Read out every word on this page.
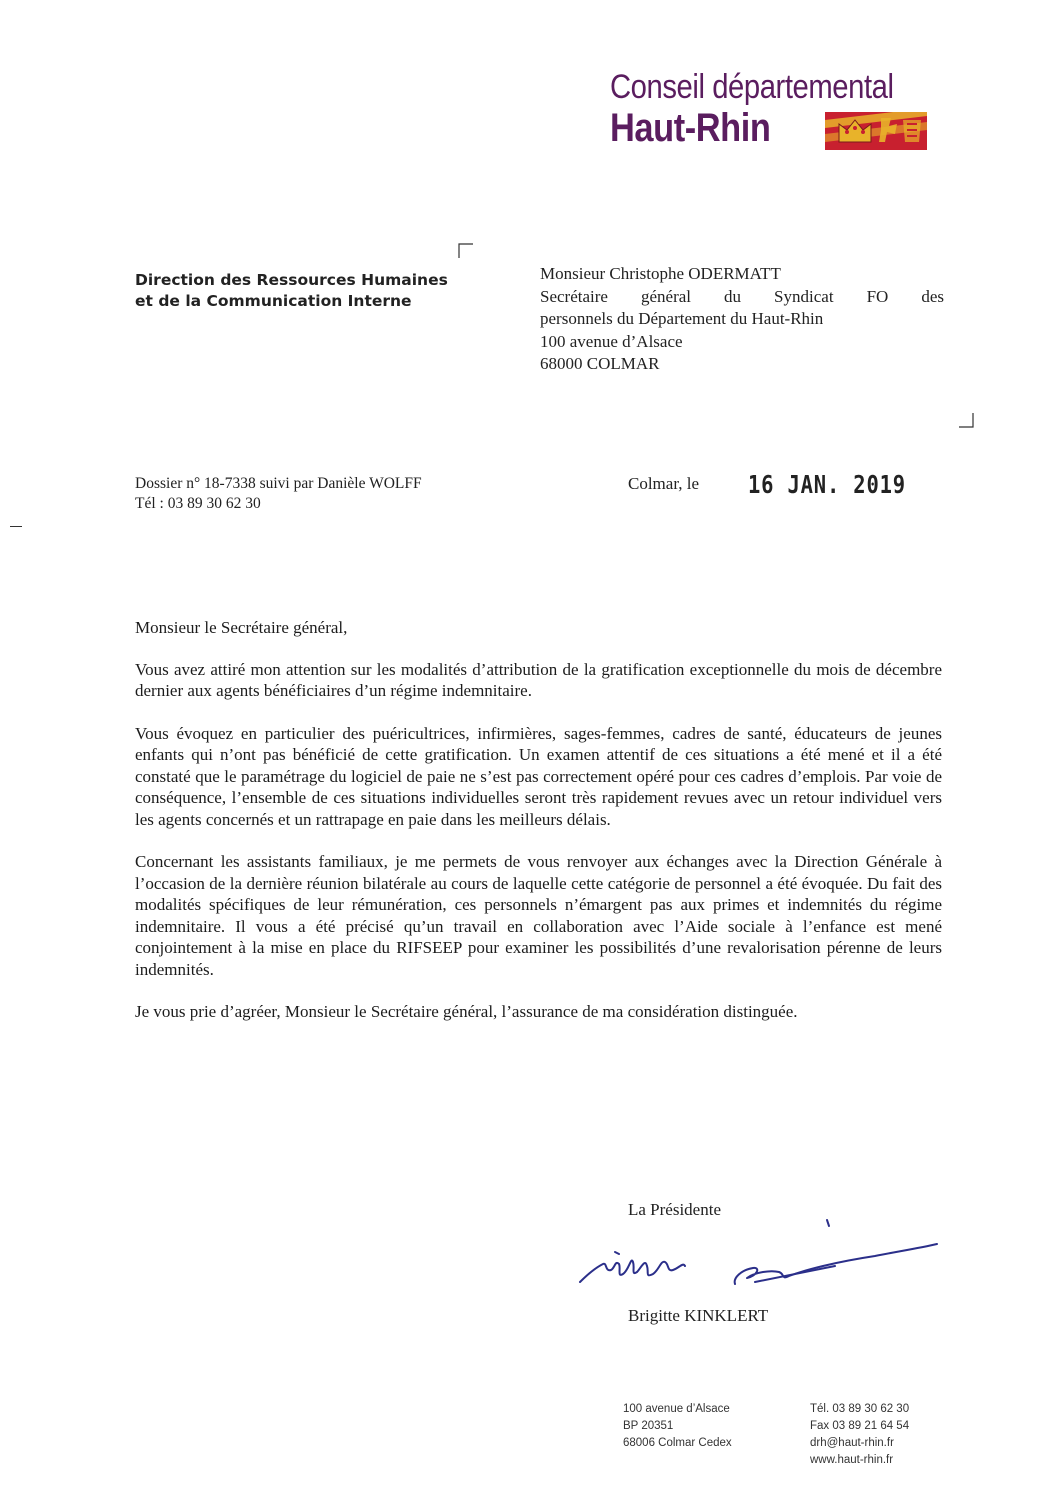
Conseil départemental
Haut-Rhin
Direction des Ressources Humaines
et de la Communication Interne
Monsieur Christophe ODERMATT
Secrétaire général du Syndicat FO des
personnels du Département du Haut-Rhin
100 avenue d’Alsace
68000 COLMAR
Dossier n° 18-7338 suivi par Danièle WOLFF
Tél : 03 89 30 62 30
Colmar, le 16 JAN. 2019

Monsieur le Secrétaire général,

Vous avez attiré mon attention sur les modalités d’attribution de la gratification exceptionnelle du mois de décembre dernier aux agents bénéficiaires d’un régime indemnitaire.

Vous évoquez en particulier des puéricultrices, infirmières, sages-femmes, cadres de santé, éducateurs de jeunes enfants qui n’ont pas bénéficié de cette gratification. Un examen attentif de ces situations a été mené et il a été constaté que le paramétrage du logiciel de paie ne s’est pas correctement opéré pour ces cadres d’emplois. Par voie de conséquence, l’ensemble de ces situations individuelles seront très rapidement revues avec un retour individuel vers les agents concernés et un rattrapage en paie dans les meilleurs délais.

Concernant les assistants familiaux, je me permets de vous renvoyer aux échanges avec la Direction Générale à l’occasion de la dernière réunion bilatérale au cours de laquelle cette catégorie de personnel a été évoquée. Du fait des modalités spécifiques de leur rémunération, ces personnels n’émargent pas aux primes et indemnités du régime indemnitaire. Il vous a été précisé qu’un travail en collaboration avec l’Aide sociale à l’enfance est mené conjointement à la mise en place du RIFSEEP pour examiner les possibilités d’une revalorisation pérenne de leurs indemnités.

Je vous prie d’agréer, Monsieur le Secrétaire général, l’assurance de ma considération distinguée.

La Présidente
Brigitte KINKLERT
100 avenue d’Alsace
BP 20351
68006 Colmar Cedex
Tél. 03 89 30 62 30
Fax 03 89 21 64 54
drh@haut-rhin.fr
www.haut-rhin.fr
